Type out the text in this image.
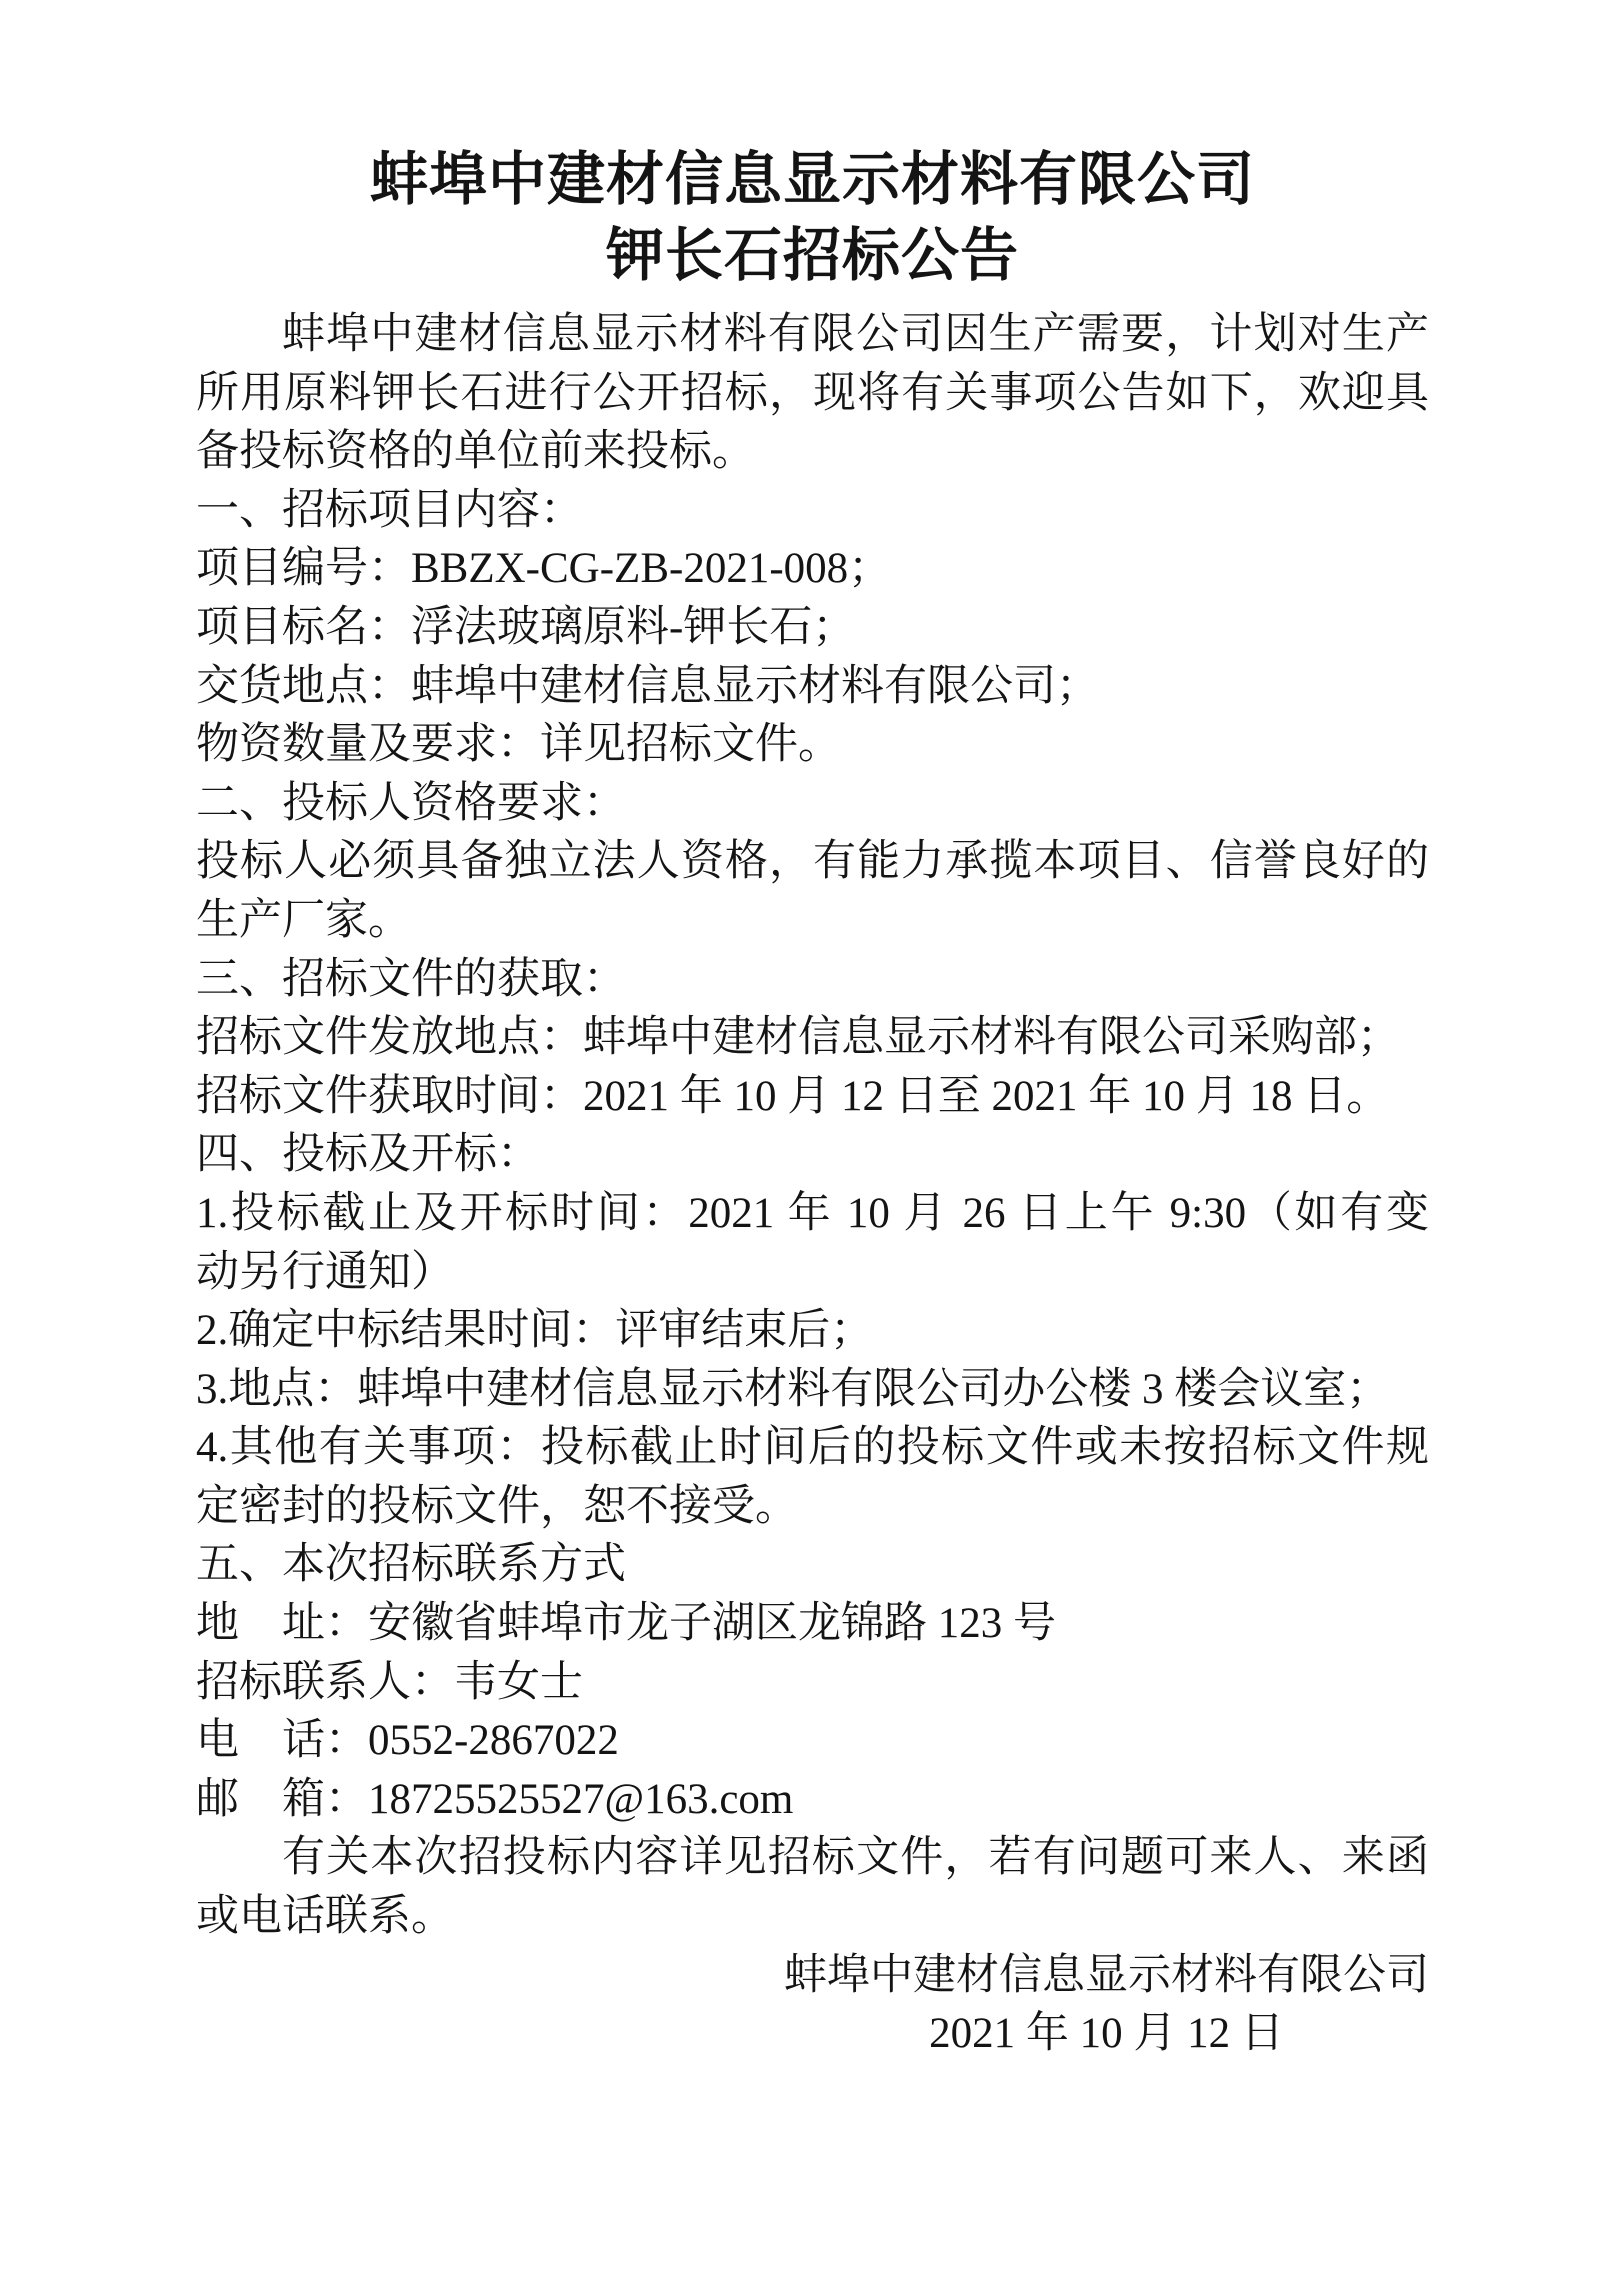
蚌埠中建材信息显示材料有限公司
钾长石招标公告
蚌埠中建材信息显示材料有限公司因生产需要，计划对生产
所用原料钾长石进行公开招标，现将有关事项公告如下，欢迎具
备投标资格的单位前来投标。
一、招标项目内容：
项目编号：BBZX-CG-ZB-2021-008；
项目标名：浮法玻璃原料-钾长石；
交货地点：蚌埠中建材信息显示材料有限公司；
物资数量及要求：详见招标文件。
二、投标人资格要求：
投标人必须具备独立法人资格，有能力承揽本项目、信誉良好的
生产厂家。
三、招标文件的获取：
招标文件发放地点：蚌埠中建材信息显示材料有限公司采购部；
招标文件获取时间：2021 年 10 月 12 日至 2021 年 10 月 18 日。
四、投标及开标：
1.投标截止及开标时间：2021 年 10 月 26 日上午 9:30（如有变
动另行通知）
2.确定中标结果时间：评审结束后；
3.地点：蚌埠中建材信息显示材料有限公司办公楼 3 楼会议室；
4.其他有关事项：投标截止时间后的投标文件或未按招标文件规
定密封的投标文件，恕不接受。
五、本次招标联系方式
地　址：安徽省蚌埠市龙子湖区龙锦路 123 号
招标联系人：韦女士
电　话：0552-2867022
邮　箱：18725525527@163.com
有关本次招投标内容详见招标文件，若有问题可来人、来函
或电话联系。
蚌埠中建材信息显示材料有限公司
2021 年 10 月 12 日
